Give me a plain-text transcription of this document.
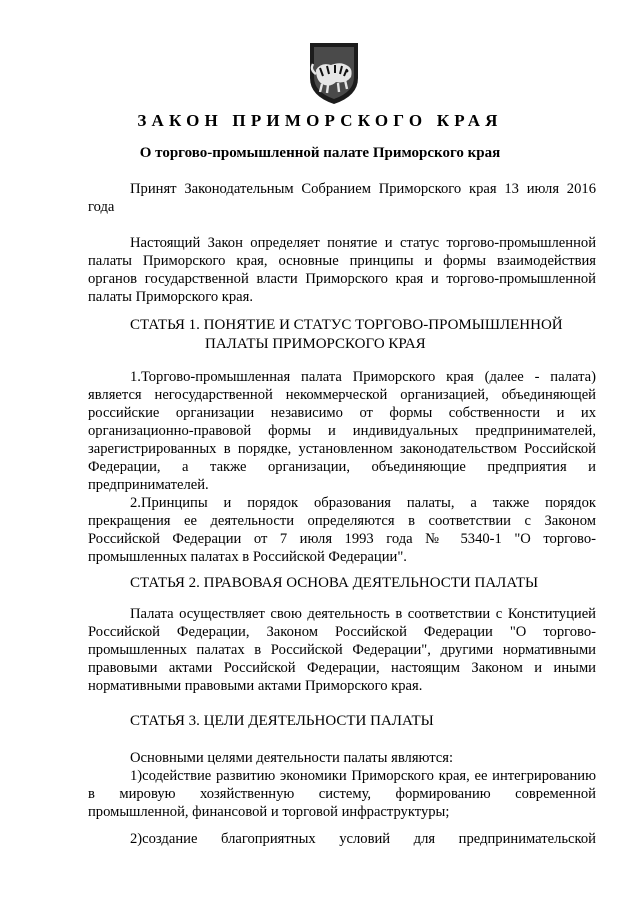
ЗАКОН ПРИМОРСКОГО КРАЯ
О торгово-промышленной палате Приморского края

Принят Законодательным Собранием Приморского края 13 июля 2016 года

Настоящий Закон определяет понятие и статус торгово-промышленной палаты Приморского края, основные принципы и формы взаимодействия органов государственной власти Приморского края и торгово-промышленной палаты Приморского края.

СТАТЬЯ 1. ПОНЯТИЕ И СТАТУС ТОРГОВО-ПРОМЫШЛЕННОЙ

ПАЛАТЫ ПРИМОРСКОГО КРАЯ

1.Торгово-промышленная палата Приморского края (далее - палата) является негосударственной некоммерческой организацией, объединяющей российские организации независимо от формы собственности и их организационно-правовой формы и индивидуальных предпринимателей, зарегистрированных в порядке, установленном законодательством Российской Федерации, а также организации, объединяющие предприятия и предпринимателей.

2.Принципы и порядок образования палаты, а также порядок прекращения ее деятельности определяются в соответствии с Законом Российской Федерации от 7 июля 1993 года № 5340-1 "О торгово-промышленных палатах в Российской Федерации".

СТАТЬЯ 2. ПРАВОВАЯ ОСНОВА ДЕЯТЕЛЬНОСТИ ПАЛАТЫ

Палата осуществляет свою деятельность в соответствии с Конституцией Российской Федерации, Законом Российской Федерации "О торгово-промышленных палатах в Российской Федерации", другими нормативными правовыми актами Российской Федерации, настоящим Законом и иными нормативными правовыми актами Приморского края.

СТАТЬЯ 3. ЦЕЛИ ДЕЯТЕЛЬНОСТИ ПАЛАТЫ

Основными целями деятельности палаты являются:

1)содействие развитию экономики Приморского края, ее интегрированию в мировую хозяйственную систему, формированию современной промышленной, финансовой и торговой инфраструктуры;

2)создание благоприятных условий для предпринимательской
